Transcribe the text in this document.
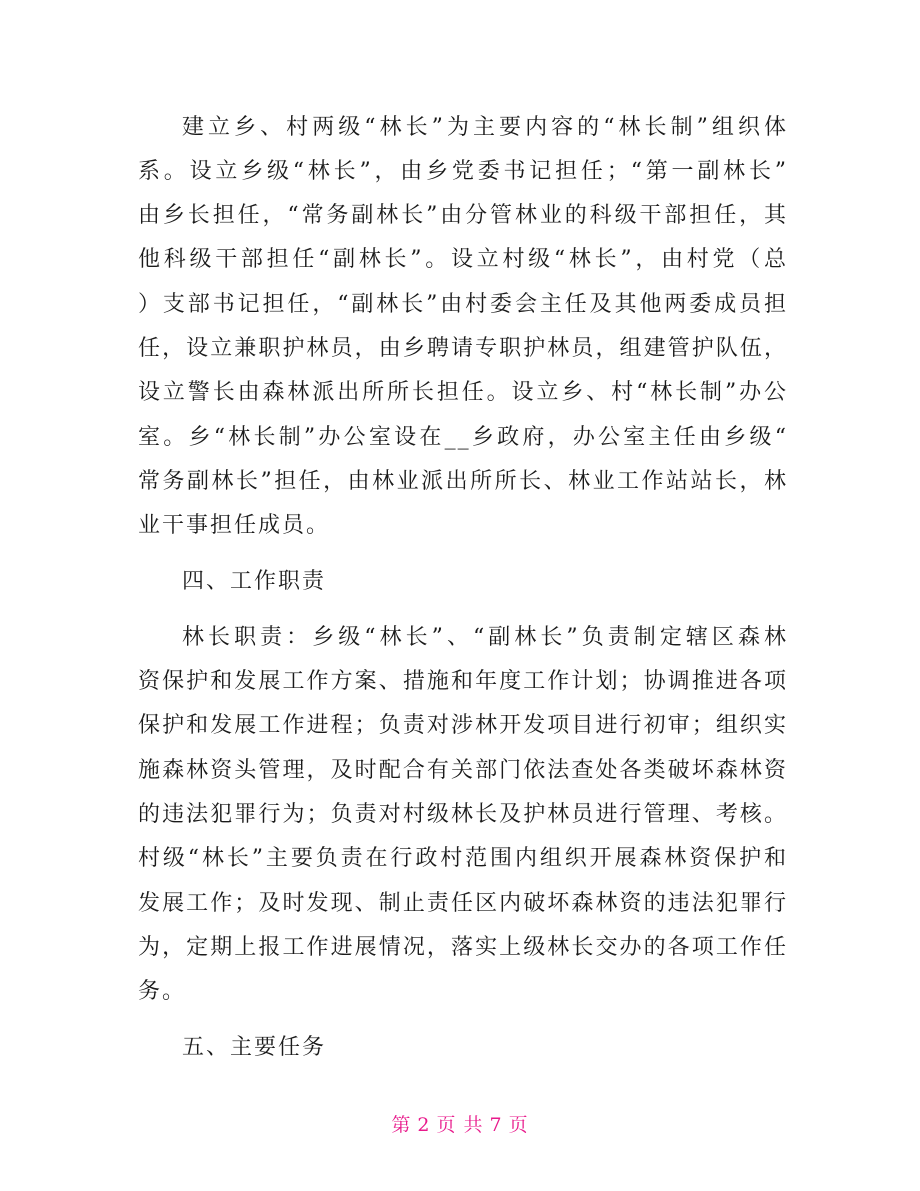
建立乡、村两级“林长”为主要内容的“林长制”组织体
系。设立乡级“林长”，由乡党委书记担任；“第一副林长”
由乡长担任，“常务副林长”由分管林业的科级干部担任，其
他科级干部担任“副林长”。设立村级“林长”，由村党（总
）支部书记担任，“副林长”由村委会主任及其他两委成员担
任，设立兼职护林员，由乡聘请专职护林员，组建管护队伍，
设立警长由森林派出所所长担任。设立乡、村“林长制”办公
室。乡“林长制”办公室设在__乡政府，办公室主任由乡级“
常务副林长”担任，由林业派出所所长、林业工作站站长，林
业干事担任成员。
四、工作职责
林长职责：乡级“林长”、“副林长”负责制定辖区森林
资保护和发展工作方案、措施和年度工作计划；协调推进各项
保护和发展工作进程；负责对涉林开发项目进行初审；组织实
施森林资头管理，及时配合有关部门依法查处各类破坏森林资
的违法犯罪行为；负责对村级林长及护林员进行管理、考核。
村级“林长”主要负责在行政村范围内组织开展森林资保护和
发展工作；及时发现、制止责任区内破坏森林资的违法犯罪行
为，定期上报工作进展情况，落实上级林长交办的各项工作任
务。
五、主要任务
第 2 页 共 7 页
